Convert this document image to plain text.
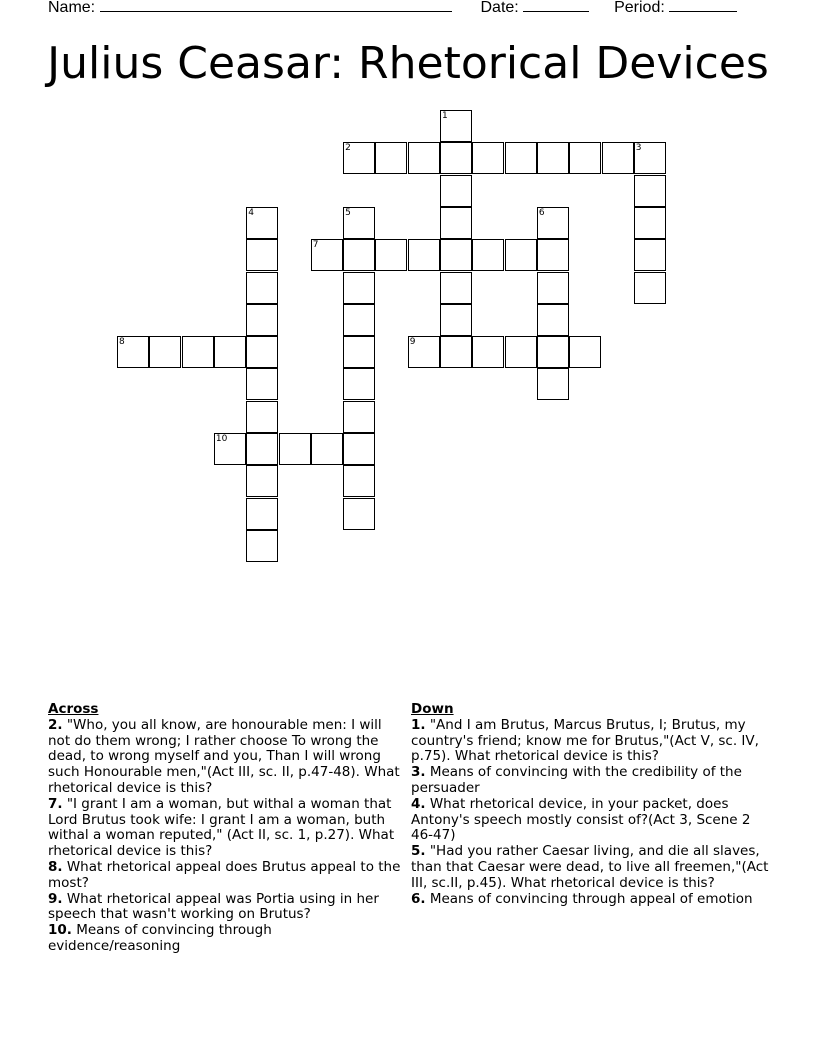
Name:	Date:	Period:
Julius Ceasar: Rhetorical Devices
1
2	3
4	5	6
7
8	9
10
Across
2. "Who, you all know, are honourable men: I will not do them wrong; I rather choose To wrong the dead, to wrong myself and you, Than I will wrong such Honourable men,"(Act III, sc. II, p.47-48). What rhetorical device is this?
7. "I grant I am a woman, but withal a woman that Lord Brutus took wife: I grant I am a woman, buth withal a woman reputed," (Act II, sc. 1, p.27). What rhetorical device is this?
8. What rhetorical appeal does Brutus appeal to the most?
9. What rhetorical appeal was Portia using in her speech that wasn't working on Brutus?
10. Means of convincing through evidence/reasoning
Down
1. "And I am Brutus, Marcus Brutus, I; Brutus, my country's friend; know me for Brutus,"(Act V, sc. IV, p.75). What rhetorical device is this?
3. Means of convincing with the credibility of the persuader
4. What rhetorical device, in your packet, does Antony's speech mostly consist of?(Act 3, Scene 2 46-47)
5. "Had you rather Caesar living, and die all slaves, than that Caesar were dead, to live all freemen,"(Act III, sc.II, p.45). What rhetorical device is this?
6. Means of convincing through appeal of emotion
